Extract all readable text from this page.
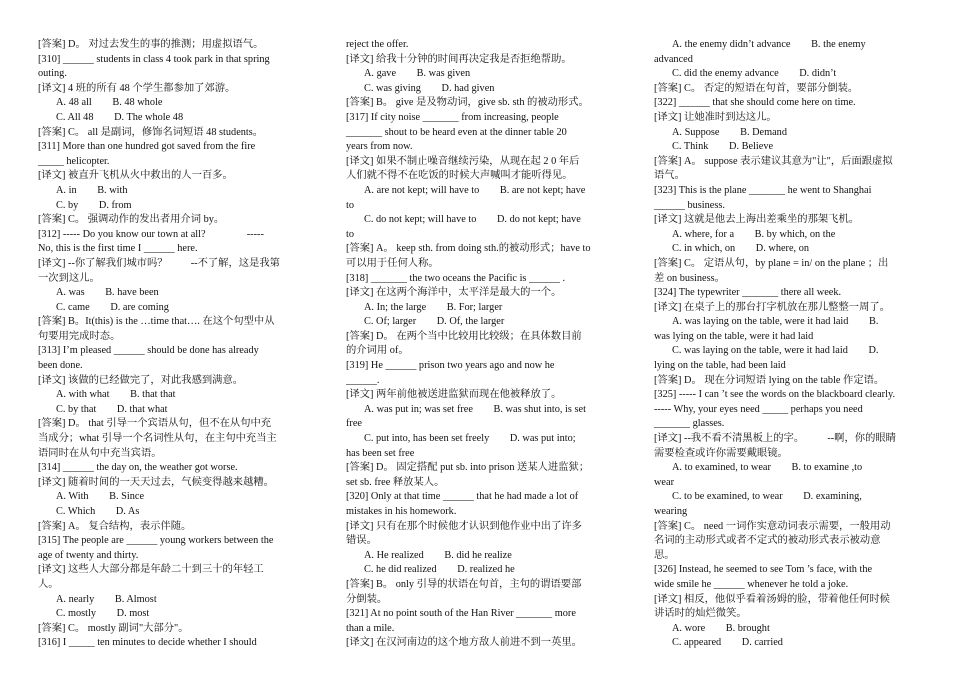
[答案] D。 对过去发生的事的推测；用虚拟语气。
[310] ______ students in class 4 took park in that spring
outing.
[译文] 4 班的所有 48 个学生都参加了郊游。
A. 48 all        B. 48 whole
C. All 48        D. The whole 48
[答案] C。 all 是副词，修饰名词短语 48 students。
[311] More than one hundred got saved from the fire
_____ helicopter.
[译文] 被直升飞机从火中救出的人一百多。
A. in        B. with
C. by        D. from
[答案] C。 强调动作的发出者用介词 by。
[312] ----- Do you know our town at all?                -----
No, this is the first time I ______ here.
[译文] --你了解我们城市吗？         --不了解，这是我第
一次到这儿。
A. was        B. have been
C. came        D. are coming
[答案] B。It(this) is the …time that…. 在这个句型中从
句要用完成时态。
[313] I’m pleased ______ should be done has already
been done.
[译文] 该做的已经做完了，对此我感到满意。
A. with what        B. that that
C. by that        D. that what
[答案] D。 that 引导一个宾语从句，但不在从句中充
当成分；what 引导一个名词性从句，在主句中充当主
语同时在从句中充当宾语。
[314] ______ the day on, the weather got worse.
[译文] 随着时间的一天天过去，气候变得越来越糟。
A. With        B. Since
C. Which        D. As
[答案] A。 复合结构，表示伴随。
[315] The people are ______ young workers between the
age of twenty and thirty.
[译文] 这些人大部分都是年龄二十到三十的年轻工
人。
A. nearly        B. Almost
C. mostly        D. most
[答案] C。 mostly 副词"大部分"。
[316] I _____ ten minutes to decide whether I should
reject the offer.
[译文] 给我十分钟的时间再决定我是否拒绝帮助。
A. gave        B. was given
C. was giving        D. had given
[答案] B。 give 是及物动词，give sb. sth 的被动形式。
[317] If city noise _______ from increasing, people
_______ shout to be heard even at the dinner table 20
years from now.
[译文] 如果不制止噪音继续污染，从现在起 2 0 年后
人们就不得不在吃饭的时候大声喊叫才能听得见。
A. are not kept; will have to        B. are not kept; have
to
C. do not kept; will have to        D. do not kept; have
to
[答案] A。 keep sth. from doing sth.的被动形式；have to
可以用于任何人称。
[318] _______ the two oceans the Pacific is ______ .
[译文] 在这两个海洋中，太平洋是最大的一个。
A. In; the large        B. For; larger
C. Of; larger        D. Of, the larger
[答案] D。 在两个当中比较用比较级；在具体数目前
的介词用 of。
[319] He ______ prison two years ago and now he
______.
[译文] 两年前他被送进监狱而现在他被释放了。
A. was put in; was set free        B. was shut into, is set
free
C. put into, has been set freely        D. was put into;
has been set free
[答案] D。 固定搭配 put sb. into prison 送某人进监狱；
set sb. free 释放某人。
[320] Only at that time ______ that he had made a lot of
mistakes in his homework.
[译文] 只有在那个时候他才认识到他作业中出了许多
错误。
A. He realized        B. did he realize
C. he did realized        D. realized he
[答案] B。 only 引导的状语在句首，主句的谓语要部
分倒装。
[321] At no point south of the Han River _______ more
than a mile.
[译文] 在汉河南边的这个地方敌人前进不到一英里。
A. the enemy didn’t advance        B. the enemy
advanced
C. did the enemy advance        D. didn’t
[答案] C。 否定的短语在句首，要部分倒装。
[322] ______ that she should come here on time.
[译文] 让她准时到达这儿。
A. Suppose        B. Demand
C. Think        D. Believe
[答案] A。 suppose 表示建议其意为"让"，后面跟虚拟
语气。
[323] This is the plane _______ he went to Shanghai
______ business.
[译文] 这就是他去上海出差乘坐的那架飞机。
A. where, for a        B. by which, on the
C. in which, on        D. where, on
[答案] C。 定语从句，by plane = in/ on the plane ；出
差 on business。
[324] The typewriter _______ there all week.
[译文] 在桌子上的那台打字机放在那儿整整一周了。
A. was laying on the table, were it had laid        B.
was lying on the table, were it had laid
C. was laying on the table, were it had laid        D.
lying on the table, had been laid
[答案] D。 现在分词短语 lying on the table 作定语。
[325] ----- I can ’t see the words on the blackboard clearly.
----- Why, your eyes need _____ perhaps you need
_______ glasses.
[译文] --我不看不清黑板上的字。         --啊，你的眼睛
需要检查或许你需要戴眼镜。
A. to examined, to wear        B. to examine ,to
wear
C. to be examined, to wear        D. examining,
wearing
[答案] C。 need 一词作实意动词表示需要，一般用动
名词的主动形式或者不定式的被动形式表示被动意
思。
[326] Instead, he seemed to see Tom ’s face, with the
wide smile he ______ whenever he told a joke.
[译文] 相反，他似乎看着汤姆的脸，带着他任何时候
讲话时的灿烂微笑。
A. wore        B. brought
C. appeared        D. carried
